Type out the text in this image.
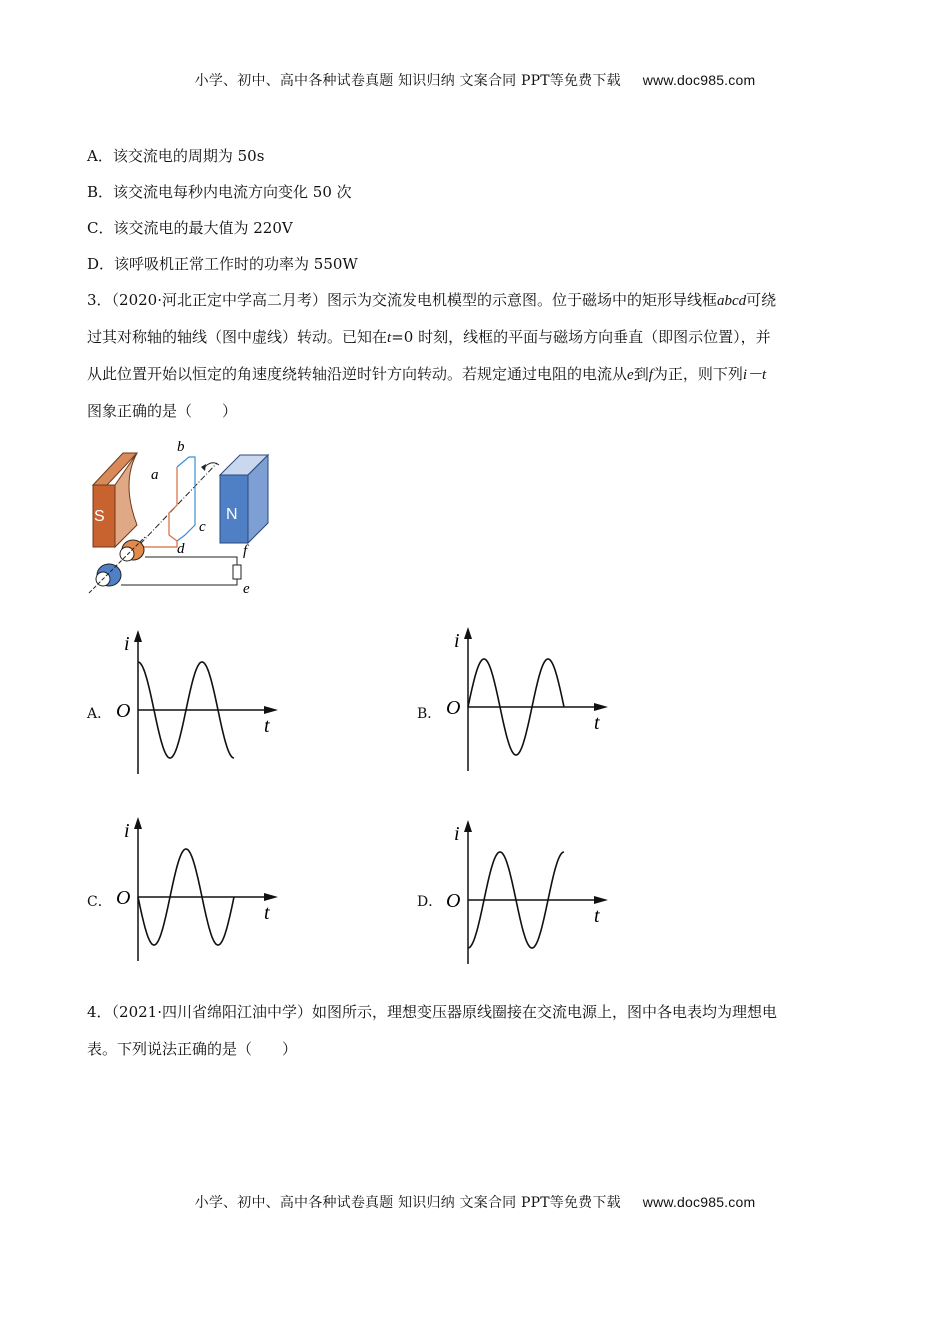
小学、初中、高中各种试卷真题 知识归纳 文案合同 PPT等免费下载 www.doc985.com
A．该交流电的周期为 50s
B．该交流电每秒内电流方向变化 50 次
C．该交流电的最大值为 220V
D．该呼吸机正常工作时的功率为 550W
3．（2020·河北正定中学高二月考）图示为交流发电机模型的示意图。位于磁场中的矩形导线框abcd可绕
过其对称轴的轴线（图中虚线）转动。已知在t=0 时刻，线框的平面与磁场方向垂直（即图示位置），并
从此位置开始以恒定的角速度绕转轴沿逆时针方向转动。若规定通过电阻的电流从e到f为正，则下列i－t
图象正确的是（　　）
S	N
a
b
c
d
e
f
A．
i
t
O	B．
i
t
O
C．
i
t
O	D．
i
t
O
4．（2021·四川省绵阳江油中学）如图所示，理想变压器原线圈接在交流电源上，图中各电表均为理想电
表。下列说法正确的是（　　）
小学、初中、高中各种试卷真题 知识归纳 文案合同 PPT等免费下载 www.doc985.com
